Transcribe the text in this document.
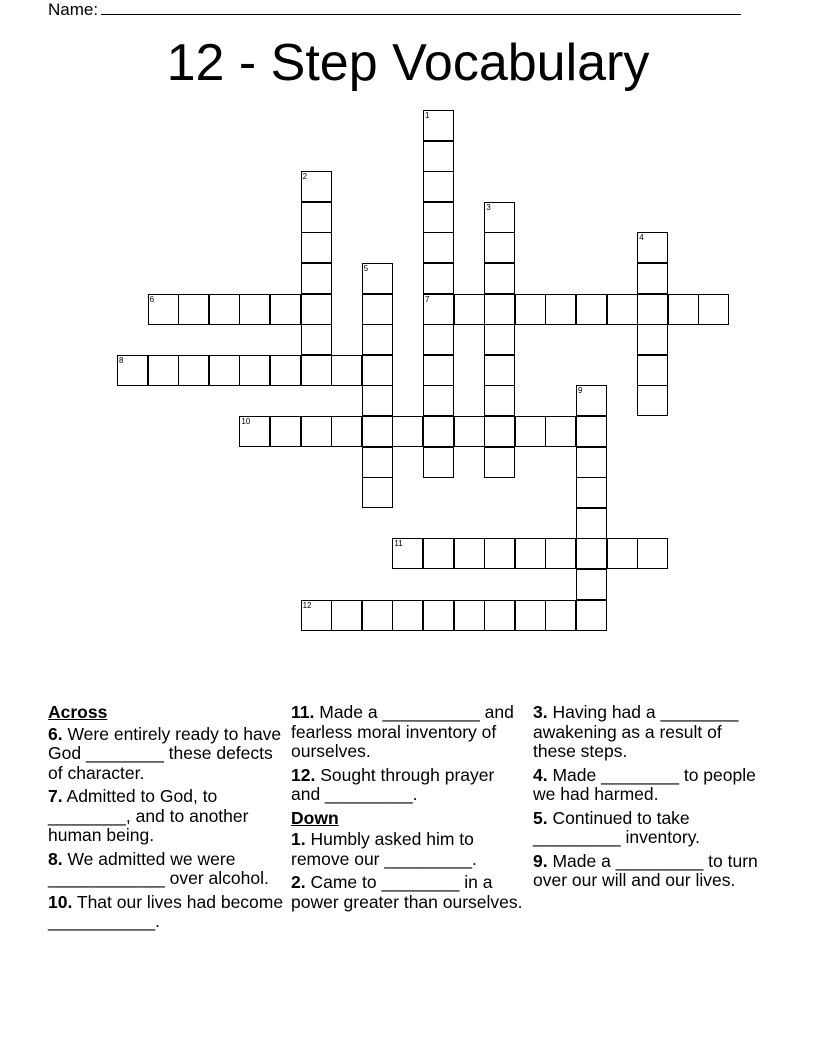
Name:
12 - Step Vocabulary
1
7
2
3
4
5
6
8
9
10
11
12
Across
6. Were entirely ready to have God ________ these defects of character.
7. Admitted to God, to ________, and to another human being.
8. We admitted we were ____________ over alcohol.
10. That our lives had become ___________.
11. Made a __________ and fearless moral inventory of ourselves.
12. Sought through prayer and _________.
Down
1. Humbly asked him to remove our _________.
2. Came to ________ in a power greater than ourselves.
3. Having had a ________ awakening as a result of these steps.
4. Made ________ to people we had harmed.
5. Continued to take _________ inventory.
9. Made a _________ to turn over our will and our lives.
